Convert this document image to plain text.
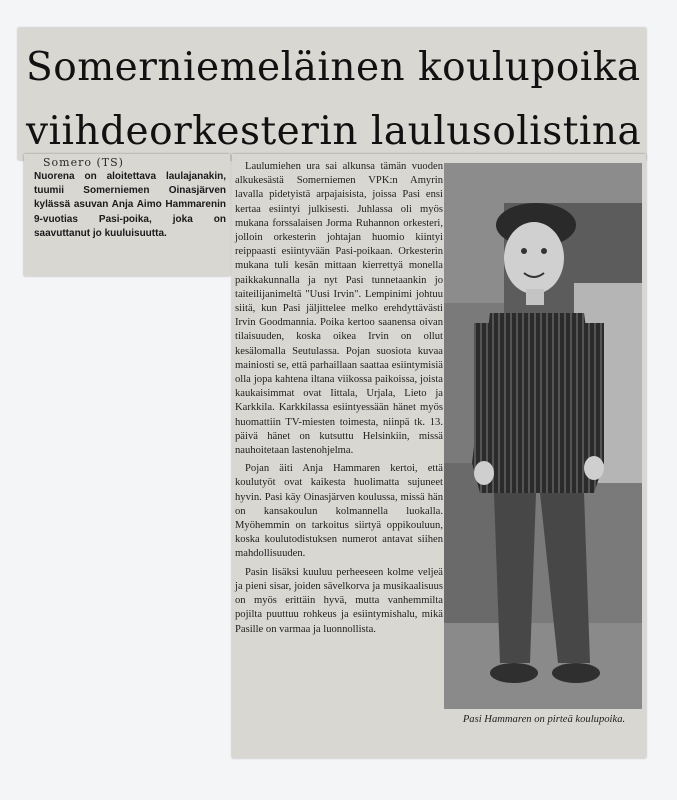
Somerniemeläinen koulupoika
viihdeorkesterin laulusolistina
Somero (TS)
Nuorena on aloitettava laulajanakin, tuumii Somerniemen Oinasjärven kylässä asuvan Anja Aimo Hammarenin 9-vuotias Pasi-poika, joka on saavuttanut jo kuuluisuutta.

Laulumiehen ura sai alkunsa tämän vuoden alkukesästä Somerniemen VPK:n Amyrin lavalla pidetyistä arpajaisista, joissa Pasi ensi kertaa esiintyi julkisesti. Juhlassa oli myös mukana forssalaisen Jorma Ruhannon orkesteri, jolloin orkesterin johtajan huomio kiintyi reippaasti esiintyvään Pasi-poikaan. Orkesterin mukana tuli kesän mittaan kierrettyä monella paikkakunnalla ja nyt Pasi tunnetaankin jo taiteilijanimeltä "Uusi Irvin". Lempinimi johtuu siitä, kun Pasi jäljittelee melko erehdyttävästi Irvin Goodmannia. Poika kertoo saanensa oivan tilaisuuden, koska oikea Irvin on ollut kesälomalla Seutulassa. Pojan suosiota kuvaa mainiosti se, että parhaillaan saattaa esiintymisiä olla jopa kahtena iltana viikossa paikoissa, joista kaukaisimmat ovat Iittala, Urjala, Lieto ja Karkkila. Karkkilassa esiintyessään hänet myös huomattiin TV-miesten toimesta, niinpä tk. 13. päivä hänet on kutsuttu Helsinkiin, missä nauhoitetaan lastenohjelma.

Pojan äiti Anja Hammaren kertoi, että koulutyöt ovat kaikesta huolimatta sujuneet hyvin. Pasi käy Oinasjärven koulussa, missä hän on kansakoulun kolmannella luokalla. Myöhemmin on tarkoitus siirtyä oppikouluun, koska koulutodistuksen numerot antavat siihen mahdollisuuden.

Pasin lisäksi kuuluu perheeseen kolme veljeä ja pieni sisar, joiden sävelkorva ja musikaalisuus on myös erittäin hyvä, mutta vanhemmilta pojilta puuttuu rohkeus ja esiintymishalu, mikä Pasille on varmaa ja luonnollista.

Pasi Hammaren on pirteä koulupoika.
